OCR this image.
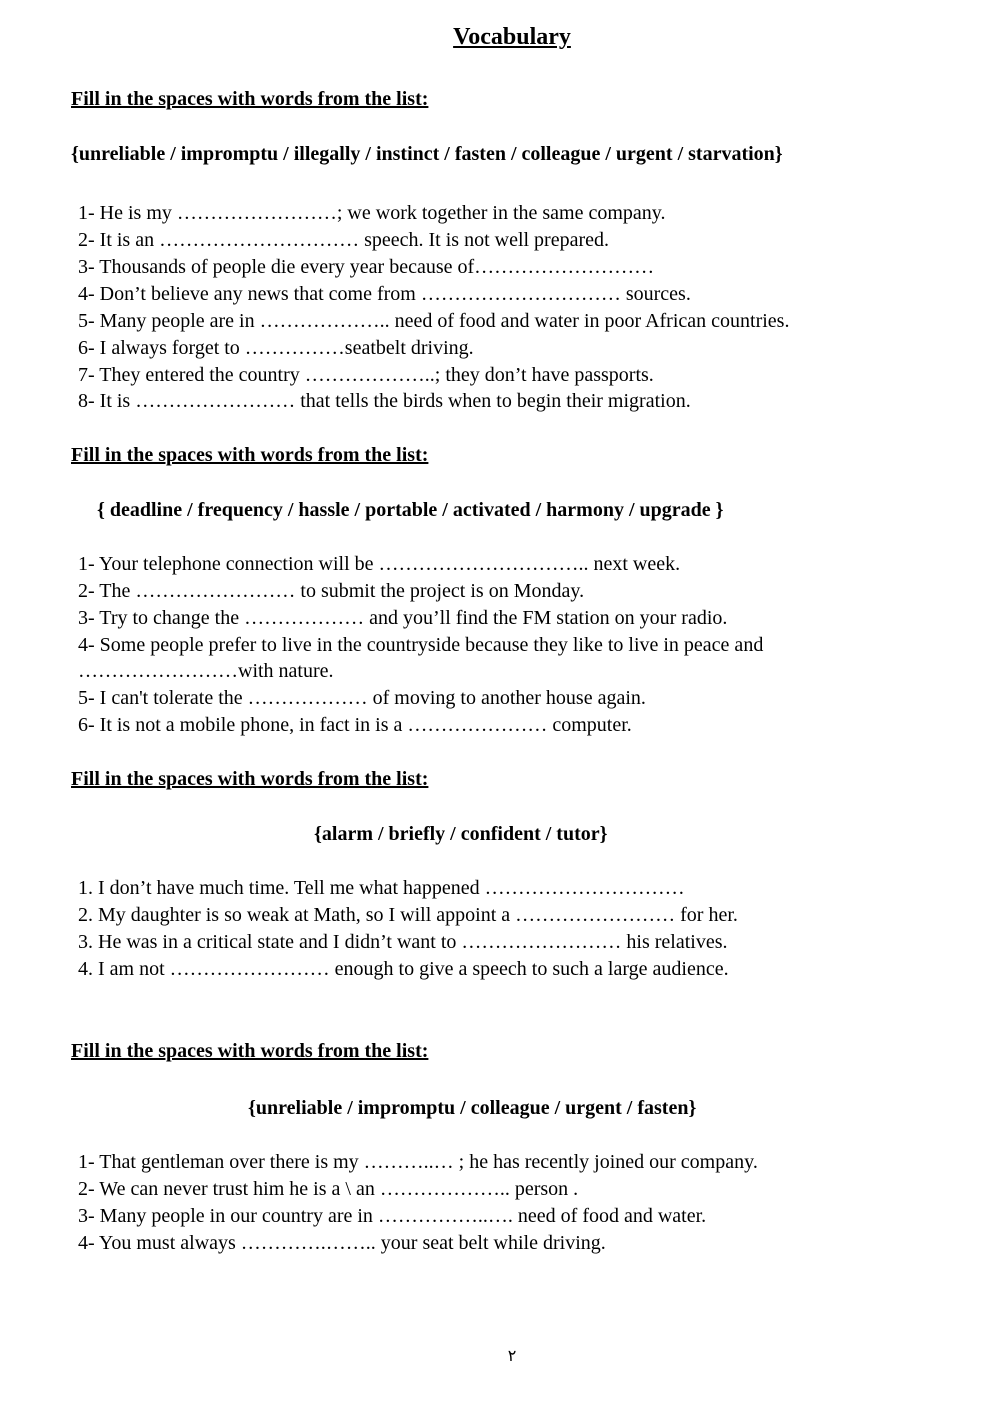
Vocabulary
Fill in the spaces with words from the list:
{unreliable / impromptu / illegally / instinct / fasten / colleague / urgent / starvation}
1- He is my ……………………; we work together in the same company.
2- It is an ………………………… speech. It is not well prepared.
3- Thousands of people die every year because of………………………
4- Don’t believe any news that come from ………………………… sources.
5- Many people are in ……………….. need of food and water in poor African countries.
6- I always forget to ……………seatbelt driving.
7- They entered the country ………………..; they don’t have passports.
8- It is …………………… that tells the birds when to begin their migration.
Fill in the spaces with words from the list:
{ deadline / frequency / hassle / portable / activated / harmony / upgrade }
1- Your telephone connection will be ………………………….. next week.
2- The …………………… to submit the project is on Monday.
3- Try to change the ……………… and you’ll find the FM station on your radio.
4- Some people prefer to live in the countryside because they like to live in peace and
……………………with nature.
5- I can't tolerate the ……………… of moving to another house again.
6- It is not a mobile phone, in fact in is a ………………… computer.
Fill in the spaces with words from the list:
{alarm / briefly / confident / tutor}
1. I don’t have much time. Tell me what happened …………………………
2. My daughter is so weak at Math, so I will appoint a …………………… for her.
3. He was in a critical state and I didn’t want to …………………… his relatives.
4. I am not …………………… enough to give a speech to such a large audience.
Fill in the spaces with words from the list:
{unreliable / impromptu / colleague / urgent / fasten}
1- That gentleman over there is my ………..… ; he has recently joined our company.
2- We can never trust him he is a \ an ……………….. person .
3- Many people in our country are in ……………..…. need of food and water.
4- You must always ………….…….. your seat belt while driving.
٢
